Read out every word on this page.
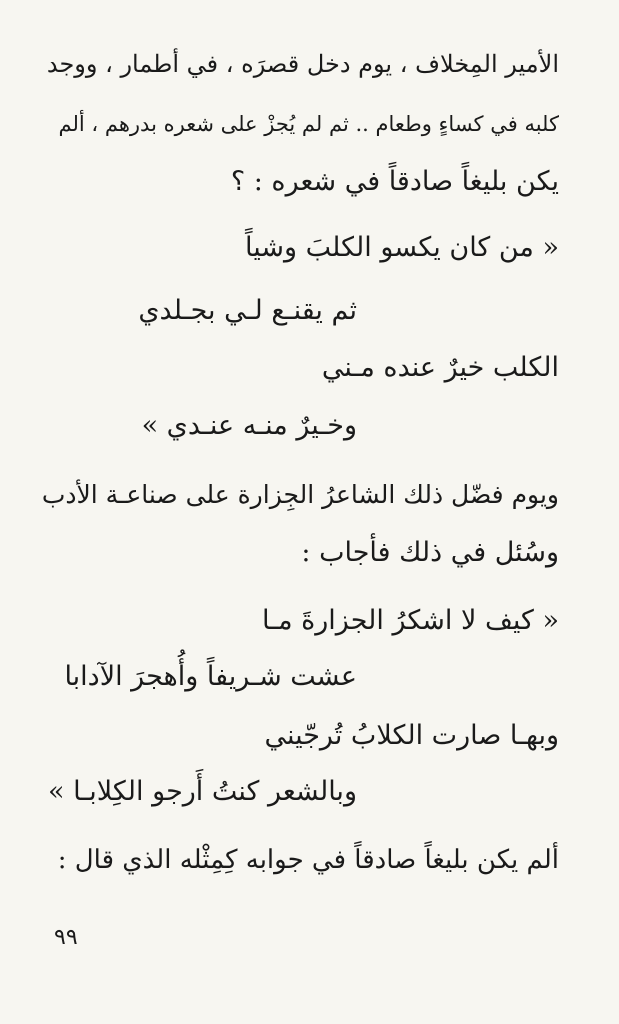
الأمير المِخلاف ، يوم دخل قصرَه ، في أطمار ، ووجد
كلبه في كساءٍ وطعام .. ثم لم يُجزْ على شعره بدرهم ، ألم
يكن بليغاً صادقاً في شعره : ؟
« من كان يكسو الكلبَ وشياً
ثم يقنـع لـي بجـلدي
الكلب خيرٌ عنده مـني
وخـيرٌ منـه عنـدي »
ويوم فضّل ذلك الشاعرُ الجِزارة على صناعـة الأدب
وسُئل في ذلك فأجاب :
« كيف لا اشكرُ الجزارةَ مـا
عشت شـريفاً وأُهجرَ الآدابا
وبهـا صارت الكلابُ تُرجّيني
وبالشعر كنتُ أَرجو الكِلابـا »
ألم يكن بليغاً صادقاً في جوابه كِمِثْله الذي قال :
٩٩
